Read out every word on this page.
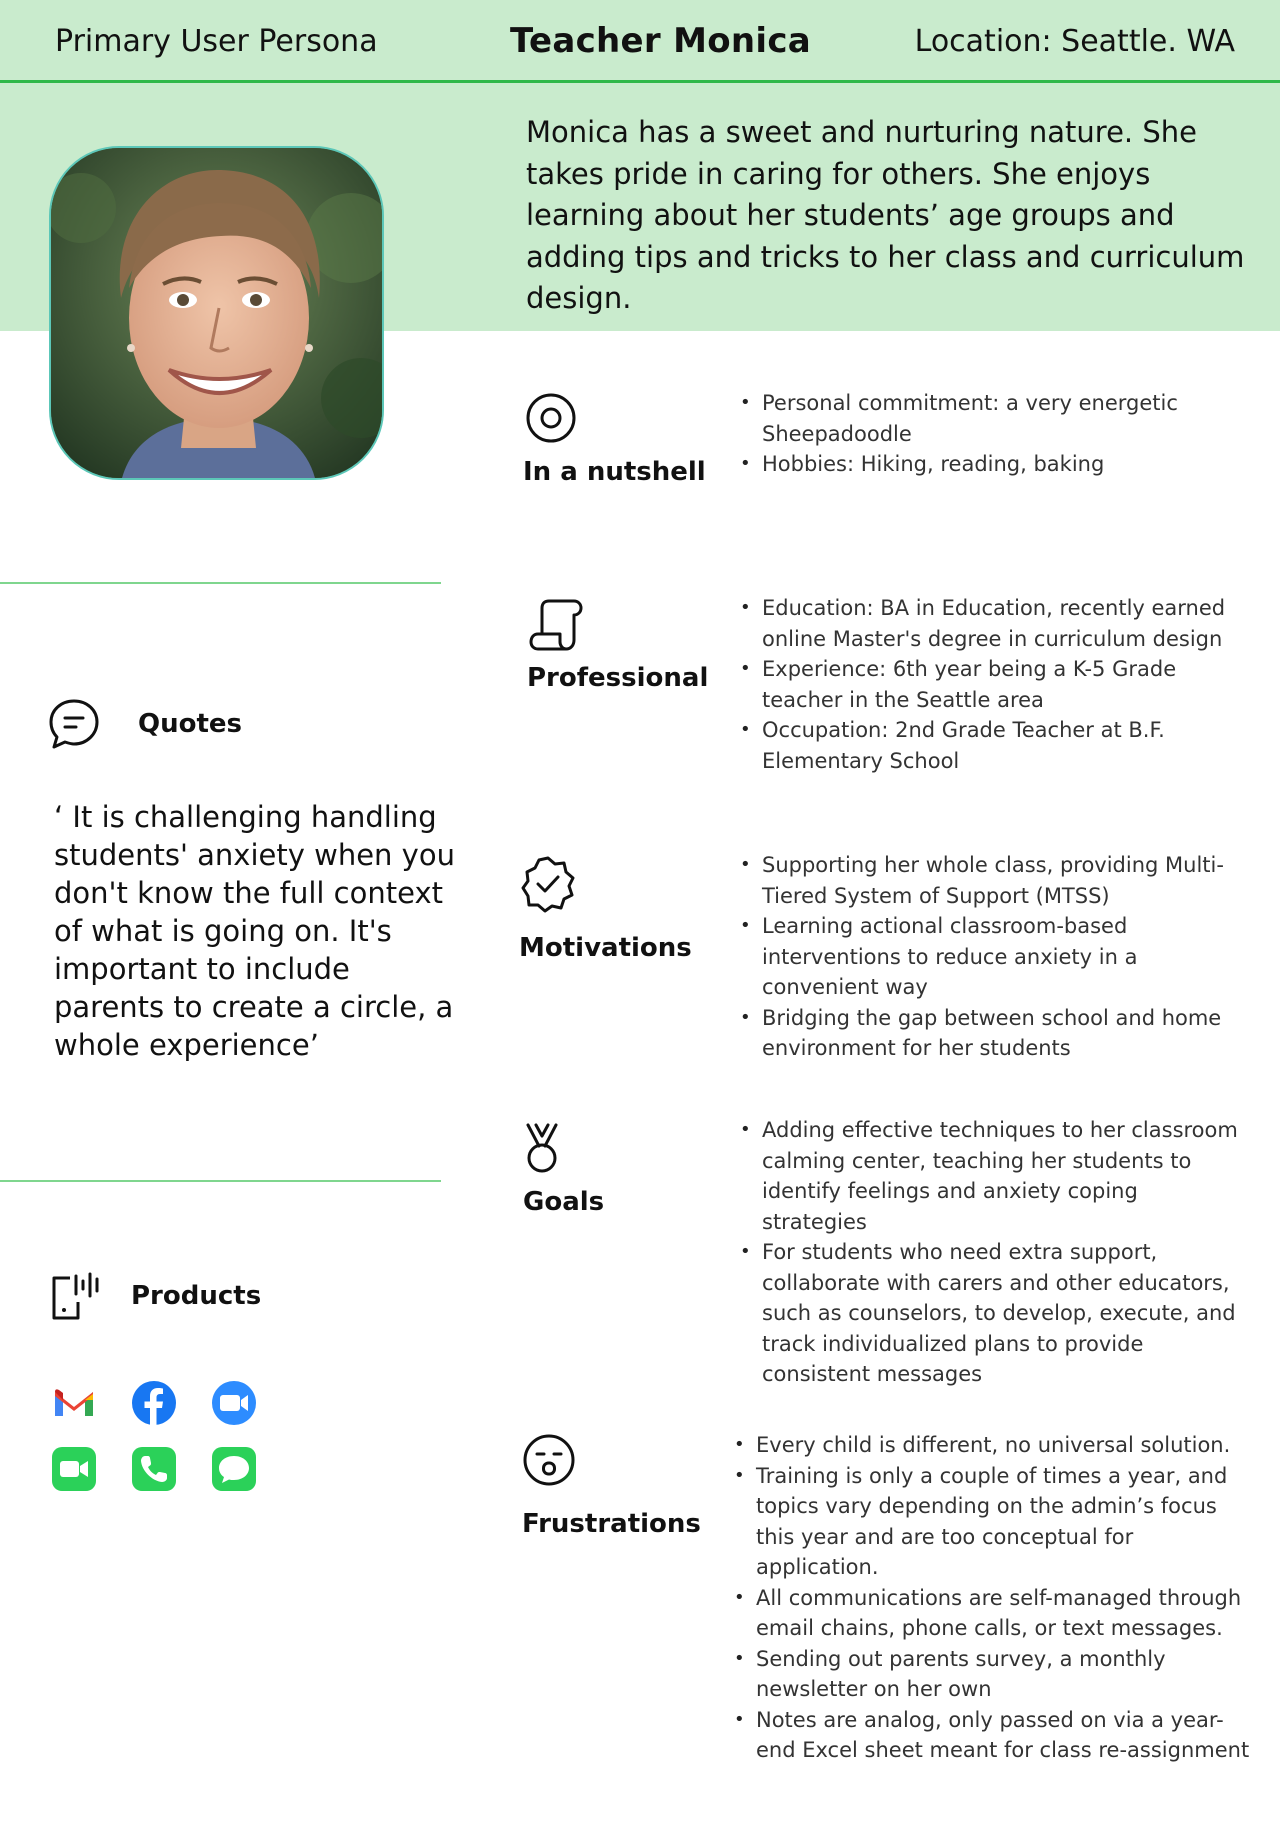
Primary User Persona	Teacher Monica	Location: Seattle. WA
Monica has a sweet and nurturing nature. She takes pride in caring for others. She enjoys learning about her students’ age groups and adding tips and tricks to her class and curriculum design.
Quotes
‘ It is challenging handling students' anxiety when you don't know the full context of what is going on. It's important to include parents to create a circle, a whole experience’
Products
In a nutshell
• Personal commitment: a very energetic Sheepadoodle
• Hobbies: Hiking, reading, baking
Professional
• Education: BA in Education, recently earned online Master's degree in curriculum design
• Experience: 6th year being a K-5 Grade teacher in the Seattle area
• Occupation: 2nd Grade Teacher at B.F. Elementary School
Motivations
• Supporting her whole class, providing Multi-Tiered System of Support (MTSS)
• Learning actional classroom-based interventions to reduce anxiety in a convenient way
• Bridging the gap between school and home environment for her students
Goals
• Adding effective techniques to her classroom calming center, teaching her students to identify feelings and anxiety coping strategies
• For students who need extra support, collaborate with carers and other educators, such as counselors, to develop, execute, and track individualized plans to provide consistent messages
Frustrations
• Every child is different, no universal solution.
• Training is only a couple of times a year, and topics vary depending on the admin’s focus this year and are too conceptual for application.
• All communications are self-managed through email chains, phone calls, or text messages.
• Sending out parents survey, a monthly newsletter on her own
• Notes are analog, only passed on via a year-end Excel sheet meant for class re-assignment
